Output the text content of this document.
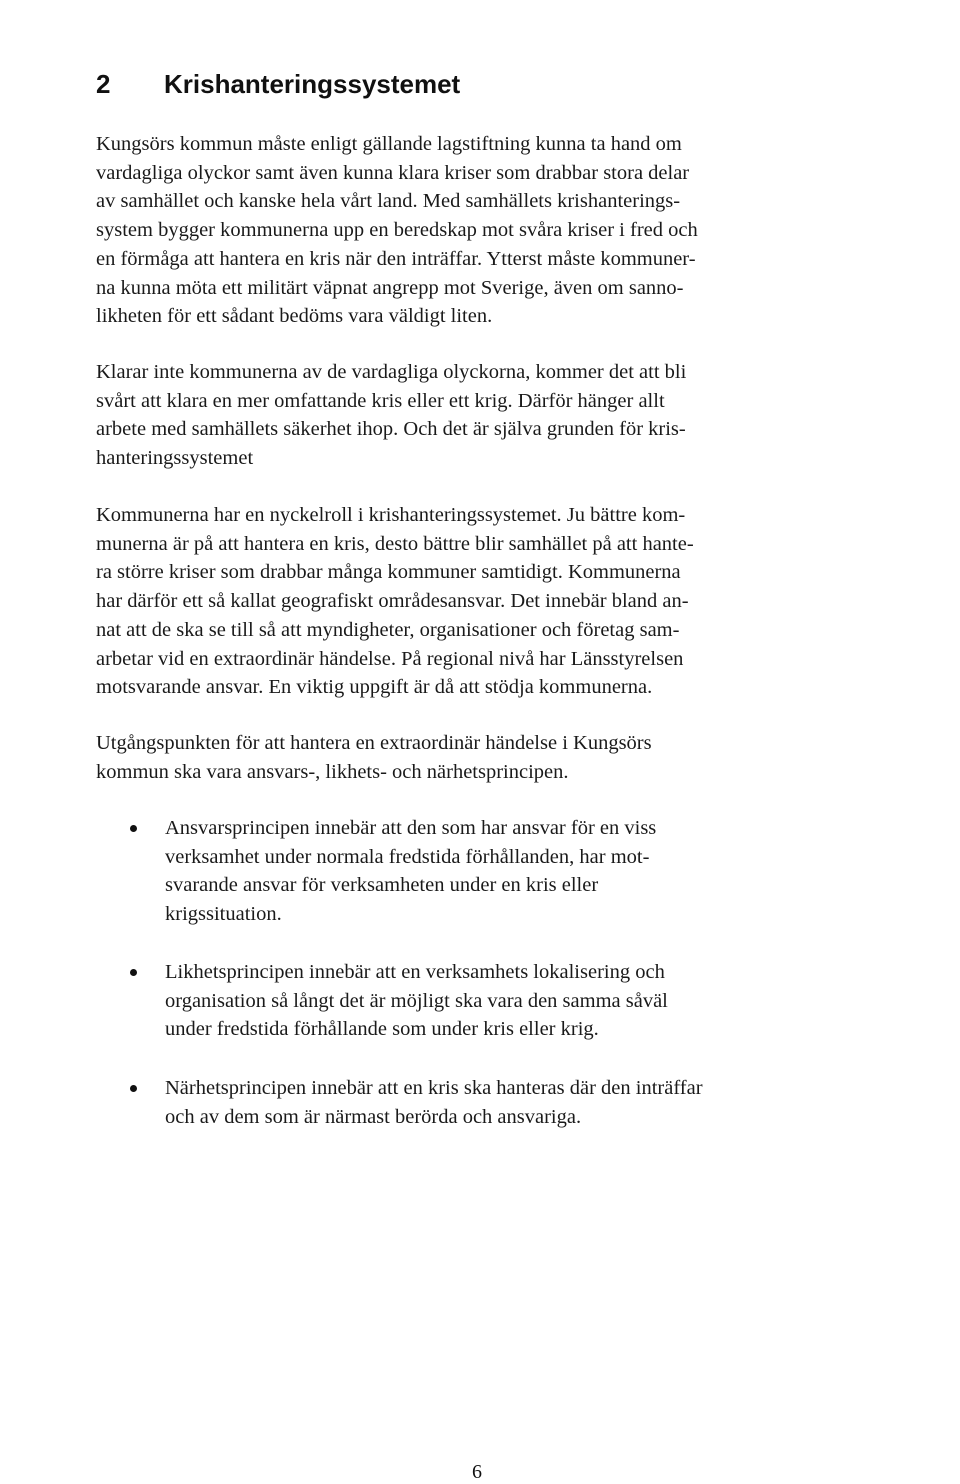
2 Krishanteringssystemet
Kungsörs kommun måste enligt gällande lagstiftning kunna ta hand om
vardagliga olyckor samt även kunna klara kriser som drabbar stora delar
av samhället och kanske hela vårt land. Med samhällets krishanterings-
system bygger kommunerna upp en beredskap mot svåra kriser i fred och
en förmåga att hantera en kris när den inträffar. Ytterst måste kommuner-
na kunna möta ett militärt väpnat angrepp mot Sverige, även om sanno-
likheten för ett sådant bedöms vara väldigt liten.
Klarar inte kommunerna av de vardagliga olyckorna, kommer det att bli
svårt att klara en mer omfattande kris eller ett krig. Därför hänger allt
arbete med samhällets säkerhet ihop. Och det är själva grunden för kris-
hanteringssystemet
Kommunerna har en nyckelroll i krishanteringssystemet. Ju bättre kom-
munerna är på att hantera en kris, desto bättre blir samhället på att hante-
ra större kriser som drabbar många kommuner samtidigt. Kommunerna
har därför ett så kallat geografiskt områdesansvar. Det innebär bland an-
nat att de ska se till så att myndigheter, organisationer och företag sam-
arbetar vid en extraordinär händelse. På regional nivå har Länsstyrelsen
motsvarande ansvar. En viktig uppgift är då att stödja kommunerna.
Utgångspunkten för att hantera en extraordinär händelse i Kungsörs
kommun ska vara ansvars-, likhets- och närhetsprincipen.
Ansvarsprincipen innebär att den som har ansvar för en viss
verksamhet under normala fredstida förhållanden, har mot-
svarande ansvar för verksamheten under en kris eller
krigssituation.
Likhetsprincipen innebär att en verksamhets lokalisering och
organisation så långt det är möjligt ska vara den samma såväl
under fredstida förhållande som under kris eller krig.
Närhetsprincipen innebär att en kris ska hanteras där den inträffar
och av dem som är närmast berörda och ansvariga.
6
